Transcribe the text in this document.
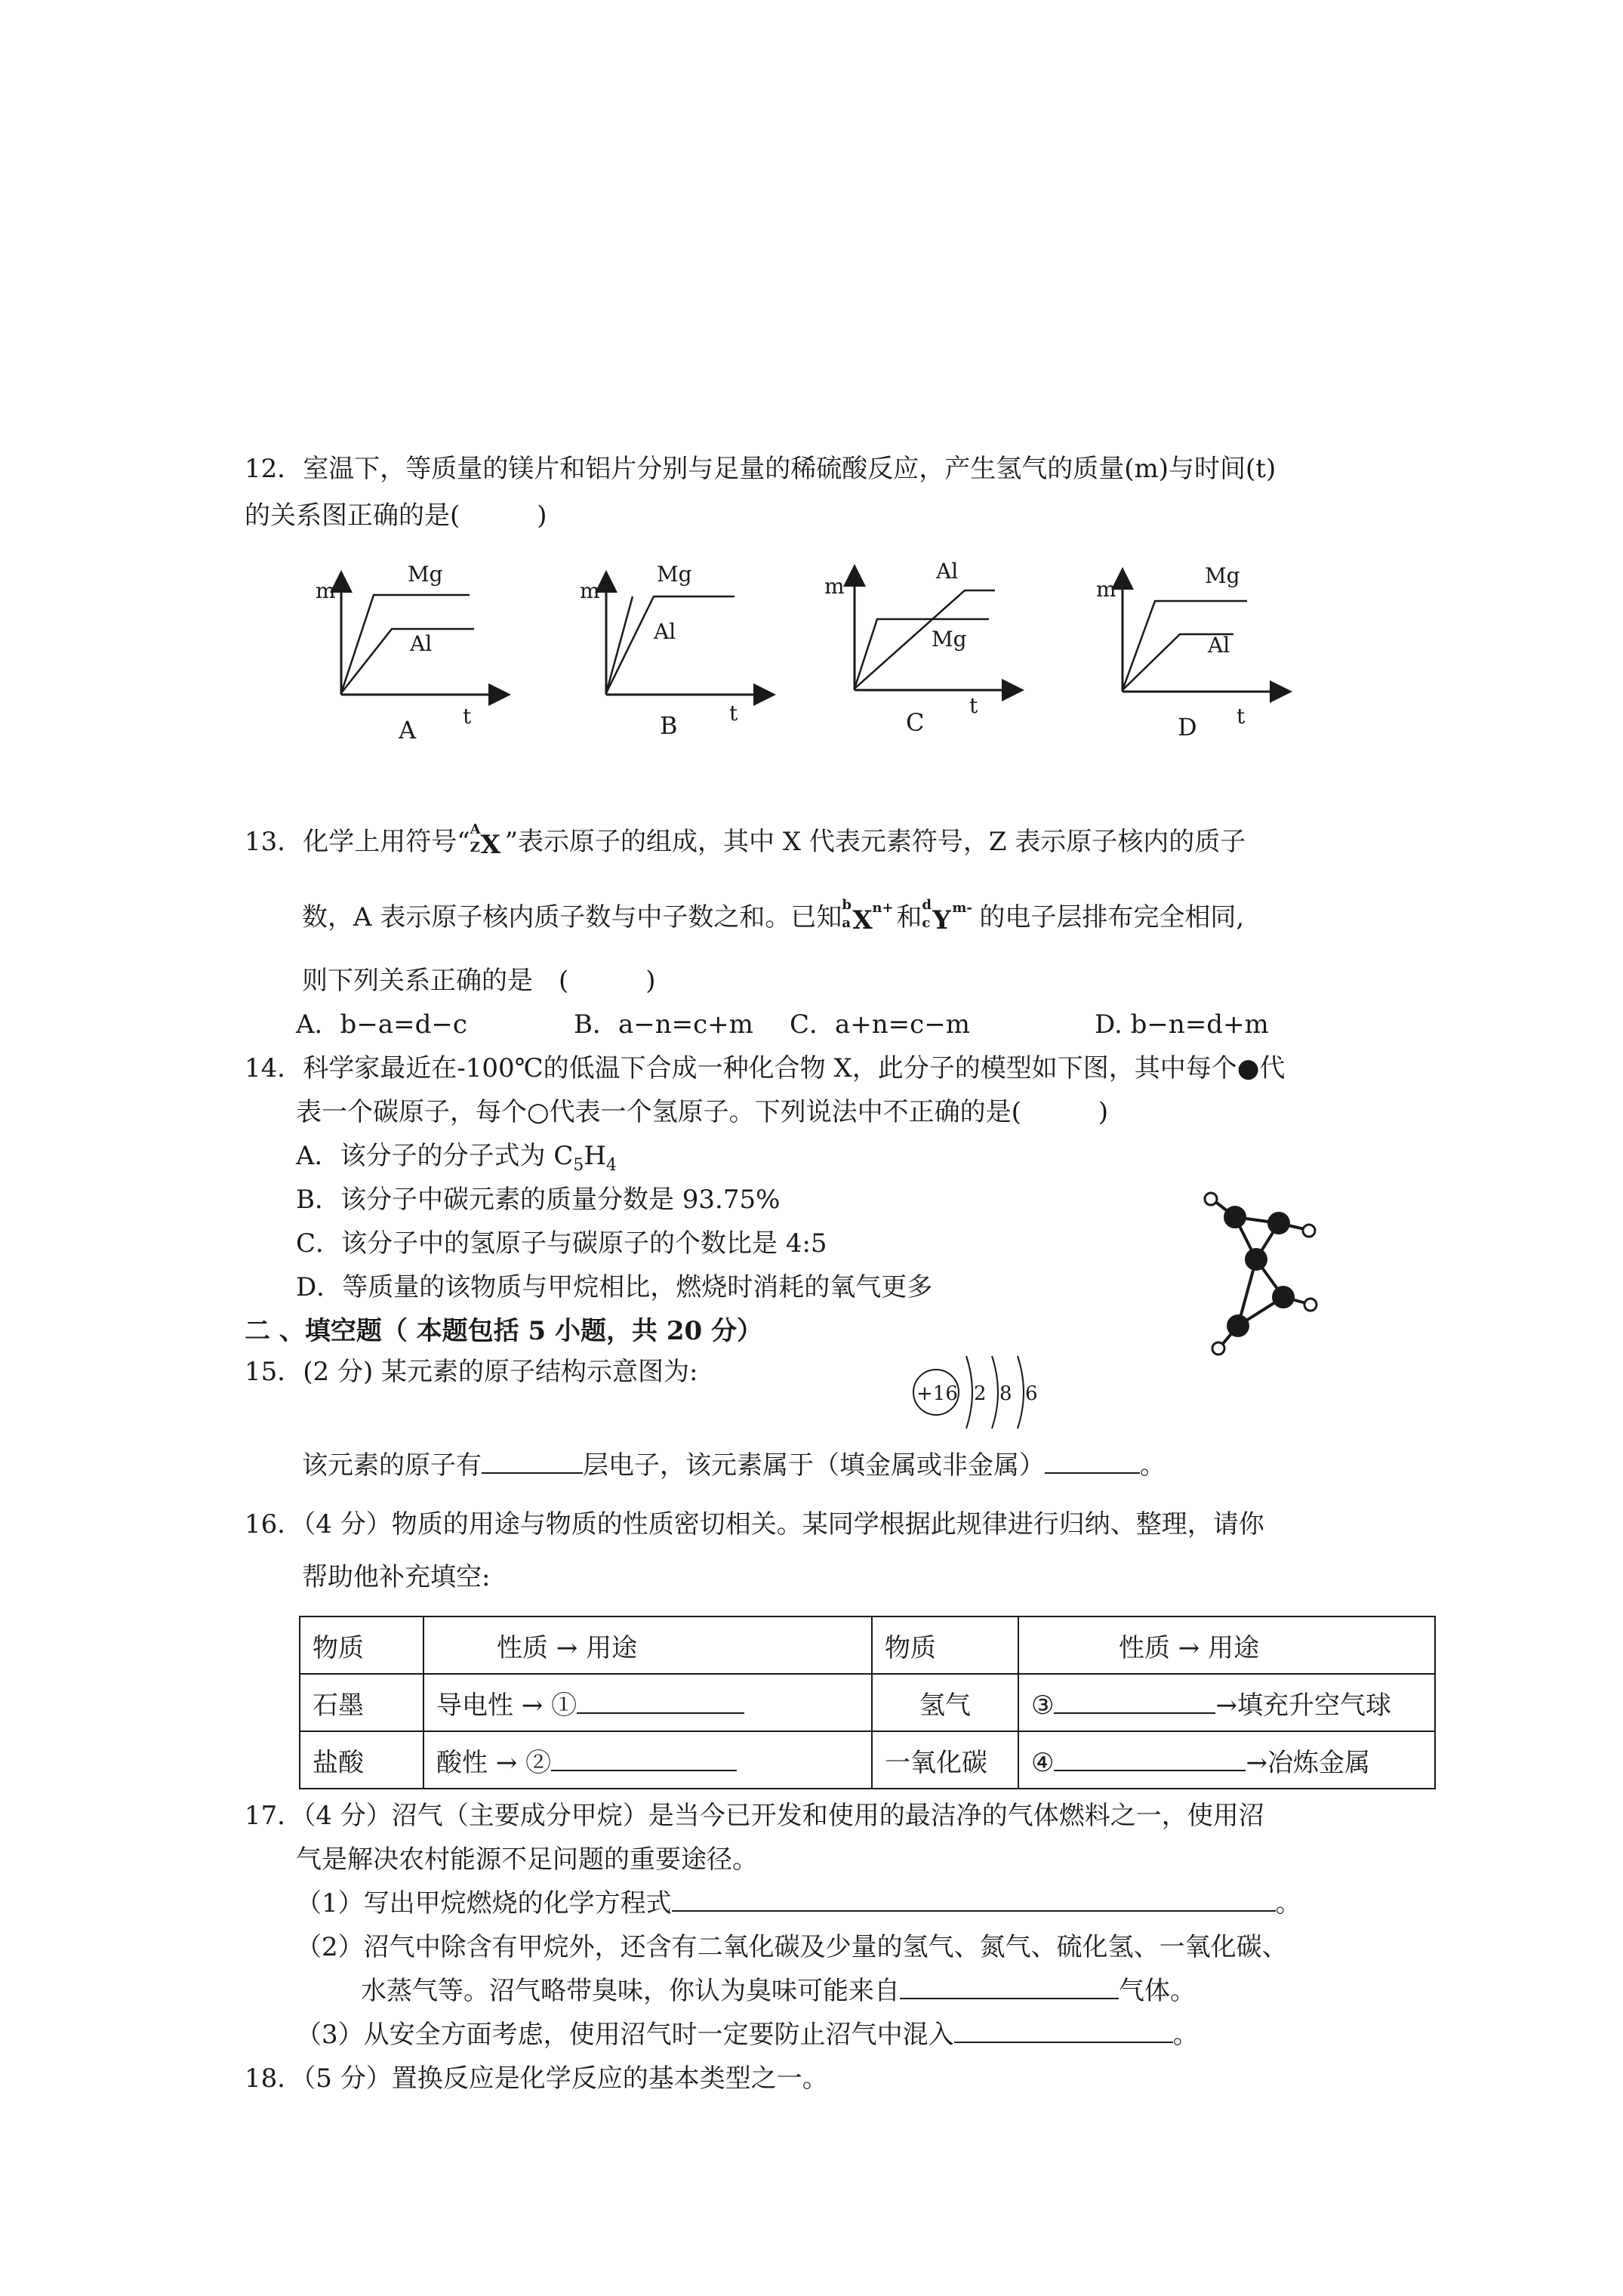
12．室温下，等质量的镁片和铝片分别与足量的稀硫酸反应，产生氢气的质量(m)与时间(t)
的关系图正确的是(　　　)
m
Mg
Al
t
A
m
Mg
Al
t
B
m
Al
Mg
t
C
m
Mg
Al
t
D
13．化学上用符号“ A
Z X ”表示原子的组成，其中 X 代表元素符号，Z 表示原子核内的质子
数，A 表示原子核内质子数与中子数之和。已知 b
a X n+ 和 d
c Y m- 的电子层排布完全相同,
则下列关系正确的是　(　　　)
A．b−a=d−c	B．a−n=c+m C．a+n=c−m	D. b−n=d+m
14．科学家最近在-100℃的低温下合成一种化合物 X，此分子的模型如下图，其中每个●代
表一个碳原子，每个○代表一个氢原子。下列说法中不正确的是(　　　)
A．该分子的分子式为 $C_5H_4$
B．该分子中碳元素的质量分数是 93.75%
C．该分子中的氢原子与碳原子的个数比是 4:5
D．等质量的该物质与甲烷相比，燃烧时消耗的氧气更多
二 、填空题（ 本题包括 5 小题，共 20 分）
15．(2 分) 某元素的原子结构示意图为:
+16 2 8 6
该元素的原子有	层电子，该元素属于（填金属或非金属）	。
16．（4 分）物质的用途与物质的性质密切相关。某同学根据此规律进行归纳、整理，请你
帮助他补充填空:
物质	性质 → 用途	物质	性质 → 用途
石墨	导电性 → ①	氢气	③ →填充升空气球
盐酸	酸性 → ②	一氧化碳	④ →冶炼金属
17．（4 分）沼气（主要成分甲烷）是当今已开发和使用的最洁净的气体燃料之一，使用沼
气是解决农村能源不足问题的重要途径。
（1）写出甲烷燃烧的化学方程式	。
（2）沼气中除含有甲烷外，还含有二氧化碳及少量的氢气、氮气、硫化氢、一氧化碳、
水蒸气等。沼气略带臭味，你认为臭味可能来自	气体。
（3）从安全方面考虑，使用沼气时一定要防止沼气中混入	。
18．（5 分）置换反应是化学反应的基本类型之一。
